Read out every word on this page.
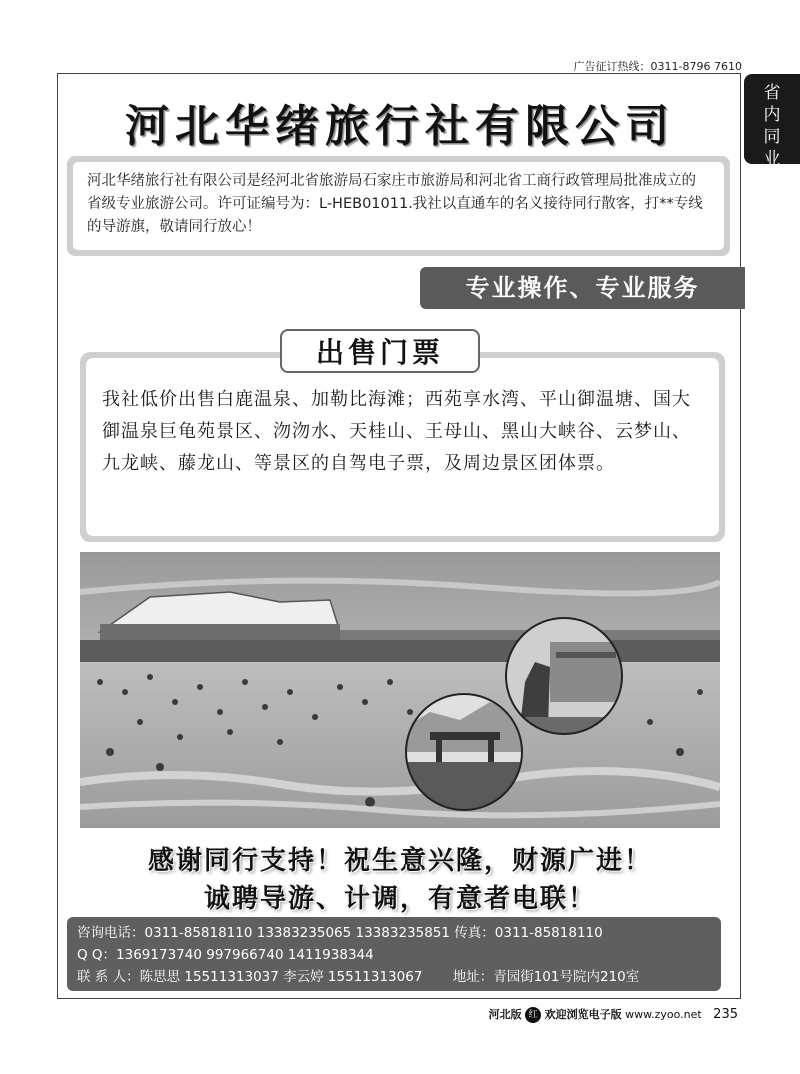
广告征订热线：0311-8796 7610
省内同业
河北华绪旅行社有限公司
河北华绪旅行社有限公司是经河北省旅游局石家庄市旅游局和河北省工商行政管理局批准成立的省级专业旅游公司。许可证编号为：L-HEB01011.我社以直通车的名义接待同行散客，打**专线的导游旗，敬请同行放心！
专业操作、专业服务
我社低价出售白鹿温泉、加勒比海滩；西苑享水湾、平山御温塘、国大御温泉巨龟苑景区、沕沕水、天桂山、王母山、黑山大峡谷、云梦山、九龙峡、藤龙山、等景区的自驾电子票，及周边景区团体票。
出售门票
感谢同行支持！祝生意兴隆，财源广进！
诚聘导游、计调，有意者电联！
咨询电话：0311-85818110 13383235065 13383235851 传真：0311-85818110
Q Q：1369173740 997966740 1411938344
联 系 人：陈思思 15511313037 李云婷 15511313067 地址：青园街101号院内210室
河北版 红 欢迎浏览电子版 www.zyoo.net 235
